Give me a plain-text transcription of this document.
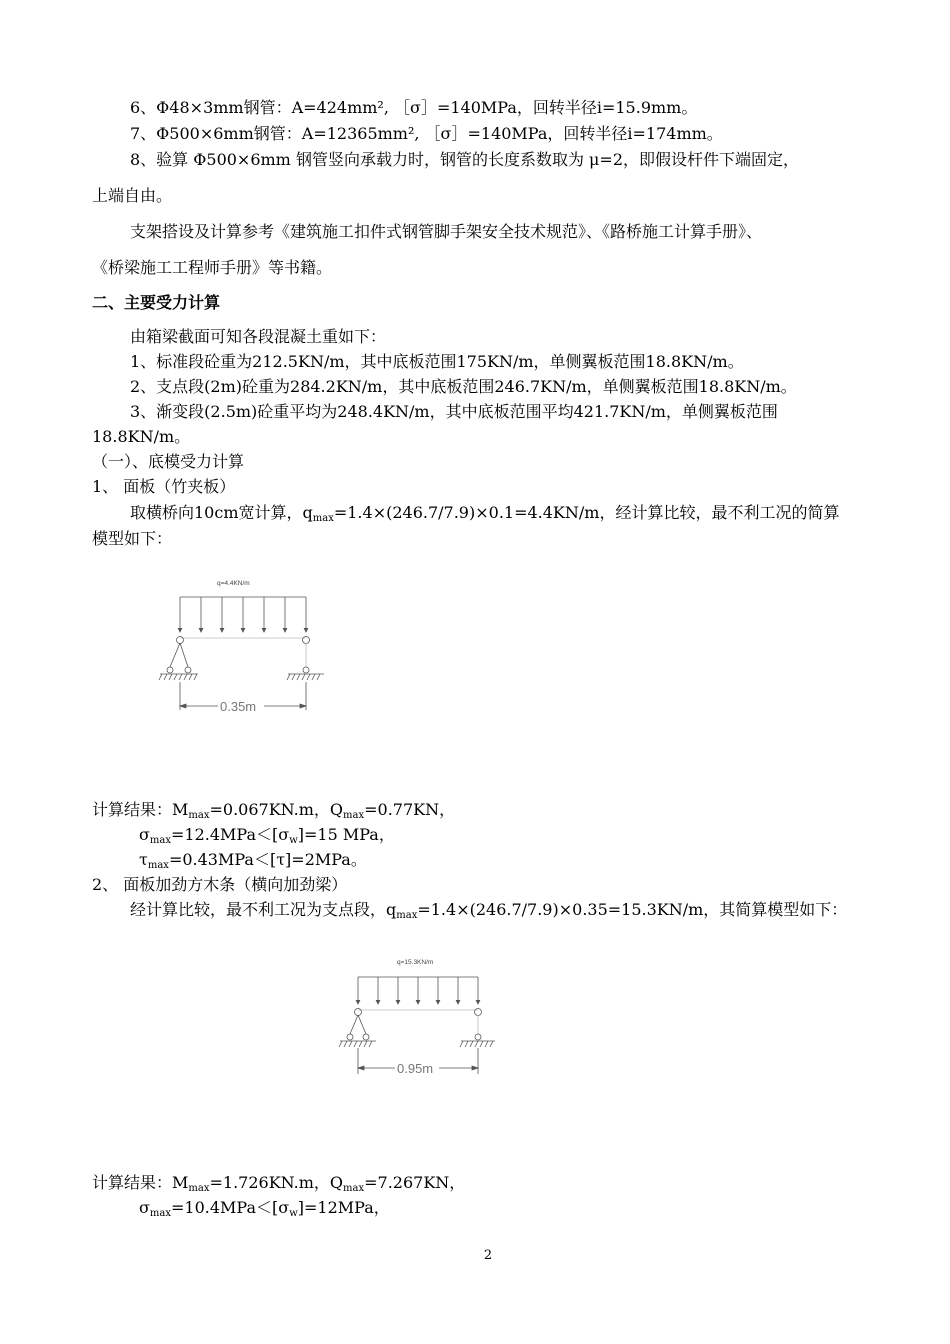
6、Φ48×3mm钢管：A=424mm², ［σ］=140MPa，回转半径i=15.9mm。
7、Φ500×6mm钢管：A=12365mm², ［σ］=140MPa，回转半径i=174mm。
8、验算 Φ500×6mm 钢管竖向承载力时，钢管的长度系数取为 μ=2，即假设杆件下端固定，
上端自由。
支架搭设及计算参考《建筑施工扣件式钢管脚手架安全技术规范》、《路桥施工计算手册》、
《桥梁施工工程师手册》等书籍。
二、主要受力计算
由箱梁截面可知各段混凝土重如下：
1、标准段砼重为212.5KN/m，其中底板范围175KN/m，单侧翼板范围18.8KN/m。
2、支点段(2m)砼重为284.2KN/m，其中底板范围246.7KN/m，单侧翼板范围18.8KN/m。
3、渐变段(2.5m)砼重平均为248.4KN/m，其中底板范围平均421.7KN/m，单侧翼板范围
18.8KN/m。
（一）、底模受力计算
1、 面板（竹夹板）
取横桥向10cm宽计算，$q_{max}=1.4\times(246.7/7.9)\times 0.1=4.4KN/m$，经计算比较，最不利工况的简算
模型如下：
q=4.4KN/m
0.35m
计算结果：$M_{max}=0.067KN.m$，$Q_{max}=0.77KN$，
$\sigma_{max}=12.4MPa<[\sigma_w]=15$ MPa，
$\tau_{max}=0.43MPa<[\tau]=2MPa$。
2、 面板加劲方木条（横向加劲梁）
经计算比较，最不利工况为支点段，$q_{max}=1.4\times(246.7/7.9)\times 0.35=15.3KN/m$，其简算模型如下：
q=15.3KN/m
0.95m
计算结果：$M_{max}=1.726KN.m$，$Q_{max}=7.267KN$，
$\sigma_{max}=10.4MPa<[\sigma_w]=12MPa$，
2
